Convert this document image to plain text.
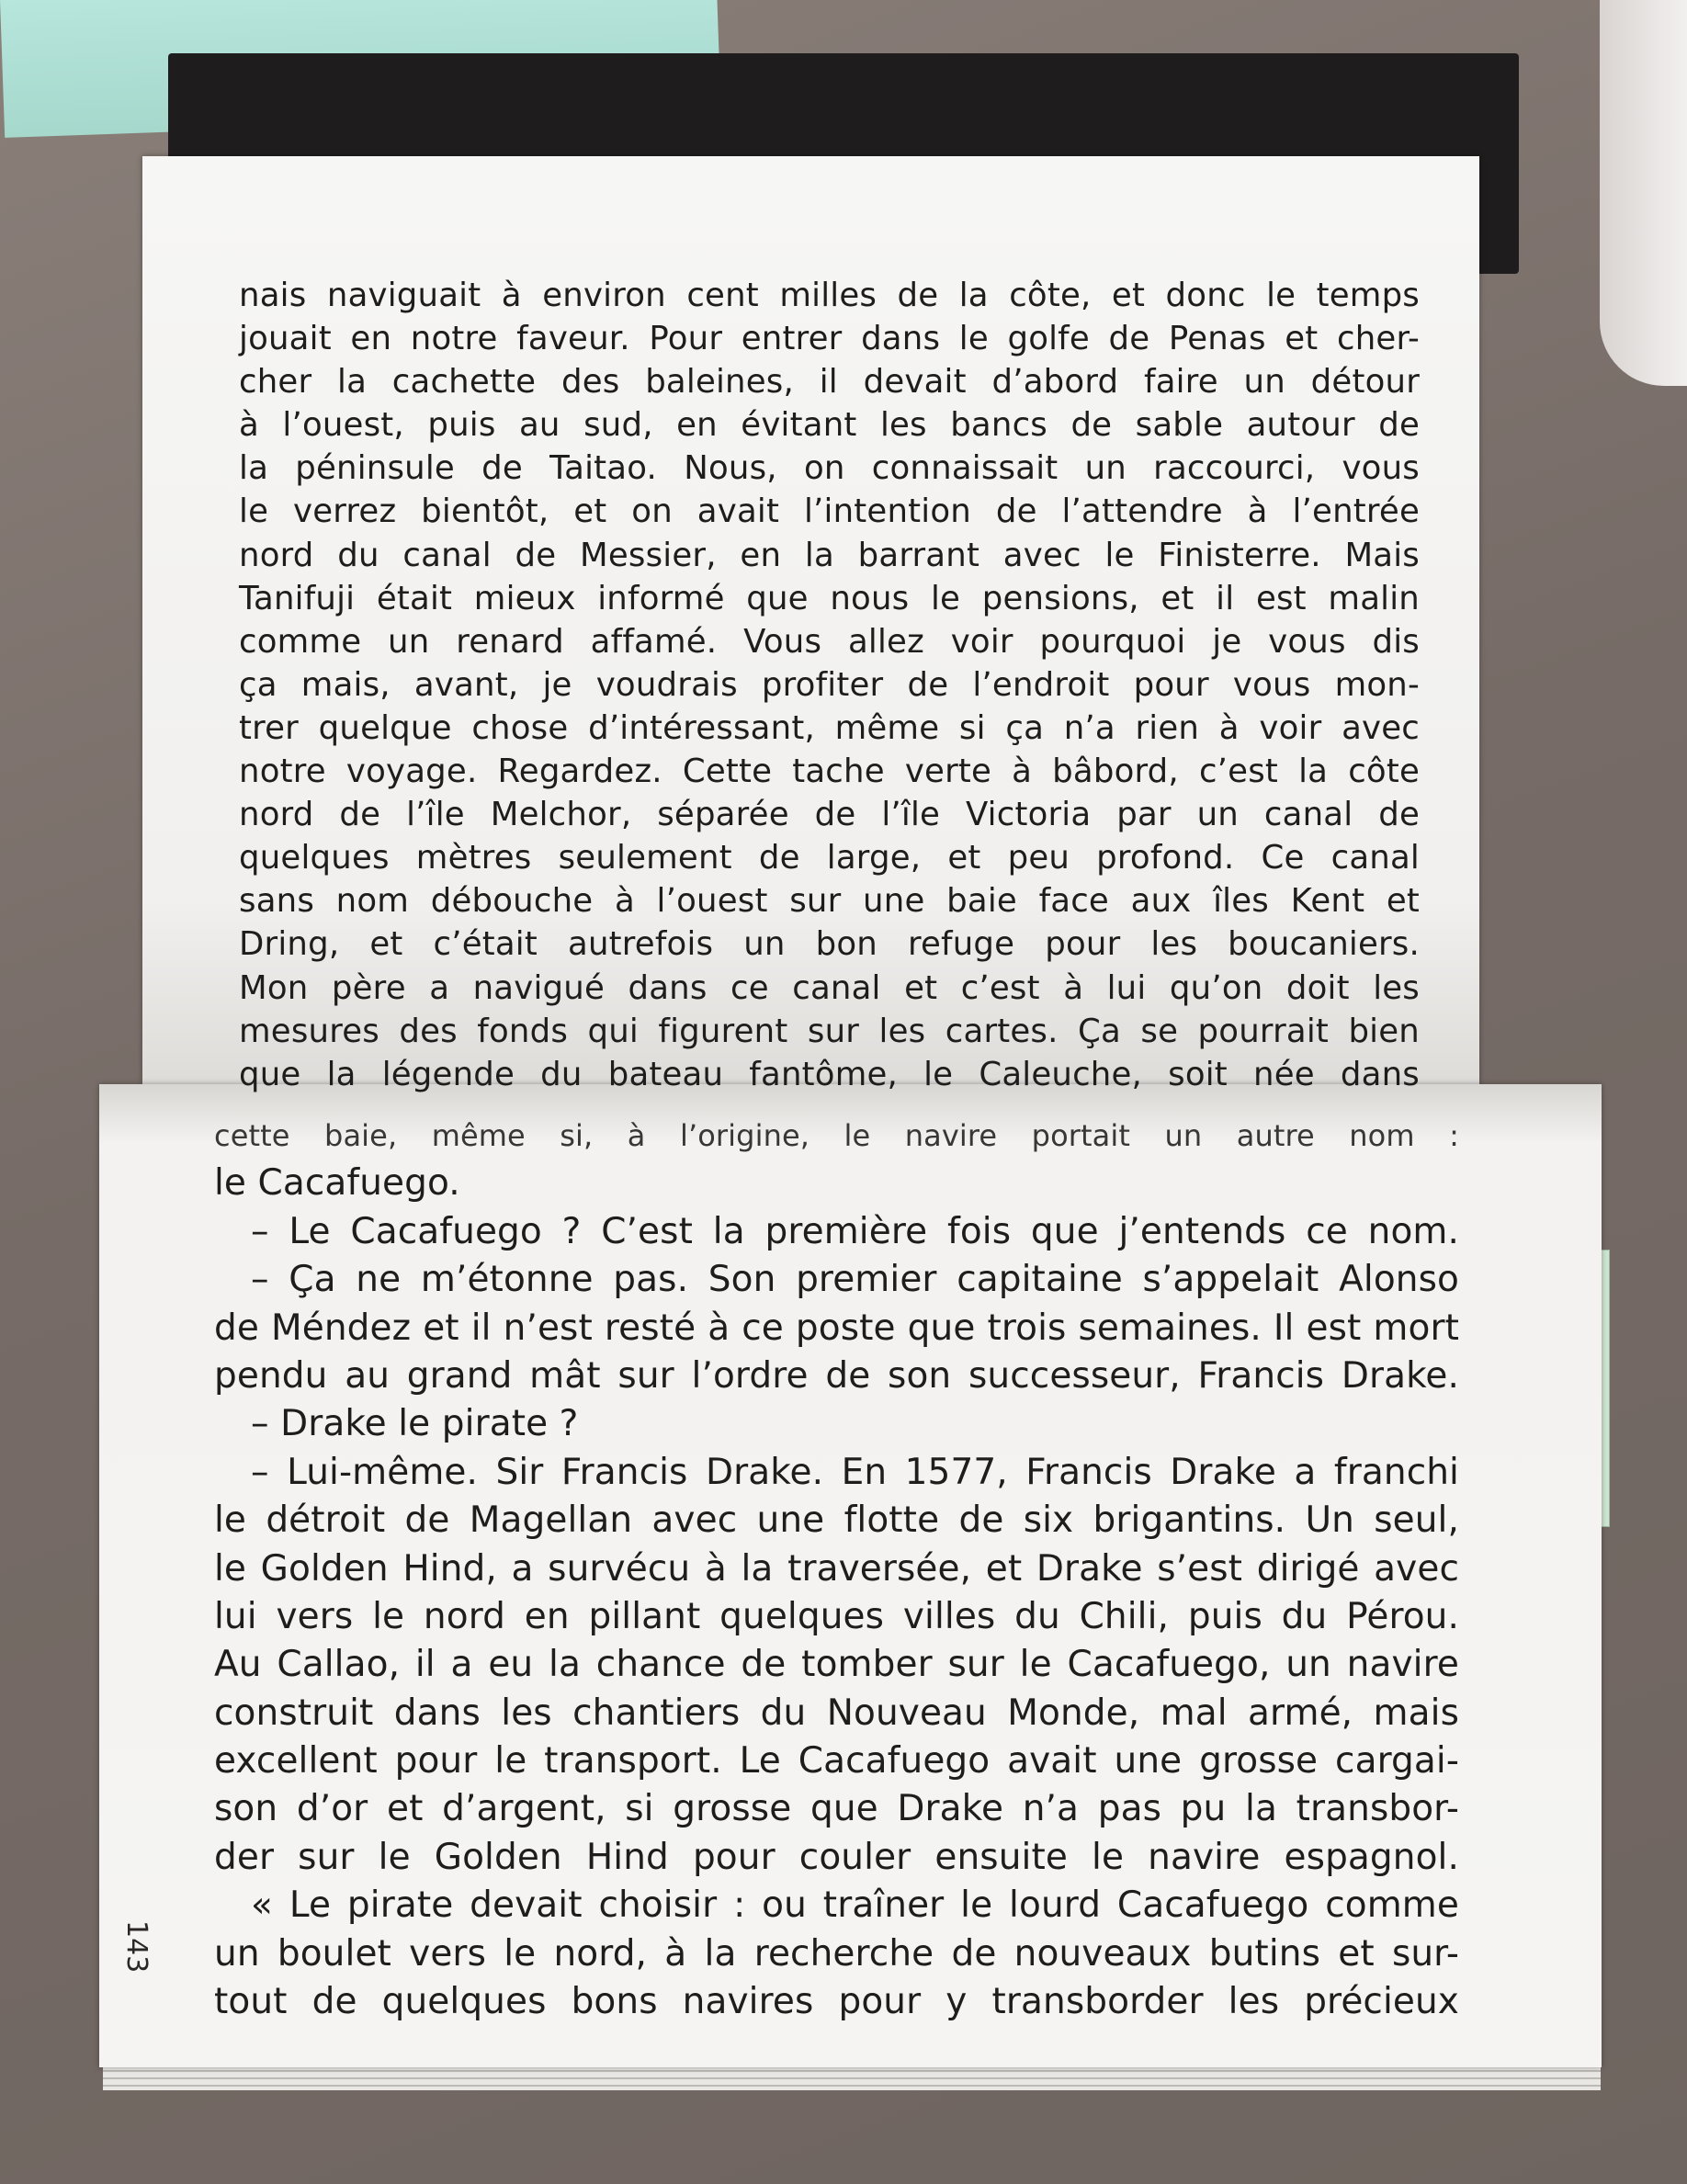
nais naviguait à environ cent milles de la côte, et donc le temps
jouait en notre faveur. Pour entrer dans le golfe de Penas et cher-
cher la cachette des baleines, il devait d’abord faire un détour
à l’ouest, puis au sud, en évitant les bancs de sable autour de
la péninsule de Taitao. Nous, on connaissait un raccourci, vous
le verrez bientôt, et on avait l’intention de l’attendre à l’entrée
nord du canal de Messier, en la barrant avec le Finisterre. Mais
Tanifuji était mieux informé que nous le pensions, et il est malin
comme un renard affamé. Vous allez voir pourquoi je vous dis
ça mais, avant, je voudrais profiter de l’endroit pour vous mon-
trer quelque chose d’intéressant, même si ça n’a rien à voir avec
notre voyage. Regardez. Cette tache verte à bâbord, c’est la côte
nord de l’île Melchor, séparée de l’île Victoria par un canal de
quelques mètres seulement de large, et peu profond. Ce canal
sans nom débouche à l’ouest sur une baie face aux îles Kent et
Dring, et c’était autrefois un bon refuge pour les boucaniers.
Mon père a navigué dans ce canal et c’est à lui qu’on doit les
mesures des fonds qui figurent sur les cartes. Ça se pourrait bien
que la légende du bateau fantôme, le Caleuche, soit née dans
cette baie, même si, à l’origine, le navire portait un autre nom :
le Cacafuego.
– Le Cacafuego ? C’est la première fois que j’entends ce nom.
– Ça ne m’étonne pas. Son premier capitaine s’appelait Alonso
de Méndez et il n’est resté à ce poste que trois semaines. Il est mort
pendu au grand mât sur l’ordre de son successeur, Francis Drake.
– Drake le pirate ?
– Lui-même. Sir Francis Drake. En 1577, Francis Drake a franchi
le détroit de Magellan avec une flotte de six brigantins. Un seul,
le Golden Hind, a survécu à la traversée, et Drake s’est dirigé avec
lui vers le nord en pillant quelques villes du Chili, puis du Pérou.
Au Callao, il a eu la chance de tomber sur le Cacafuego, un navire
construit dans les chantiers du Nouveau Monde, mal armé, mais
excellent pour le transport. Le Cacafuego avait une grosse cargai-
son d’or et d’argent, si grosse que Drake n’a pas pu la transbor-
der sur le Golden Hind pour couler ensuite le navire espagnol.
« Le pirate devait choisir : ou traîner le lourd Cacafuego comme
un boulet vers le nord, à la recherche de nouveaux butins et sur-
tout de quelques bons navires pour y transborder les précieux
143
